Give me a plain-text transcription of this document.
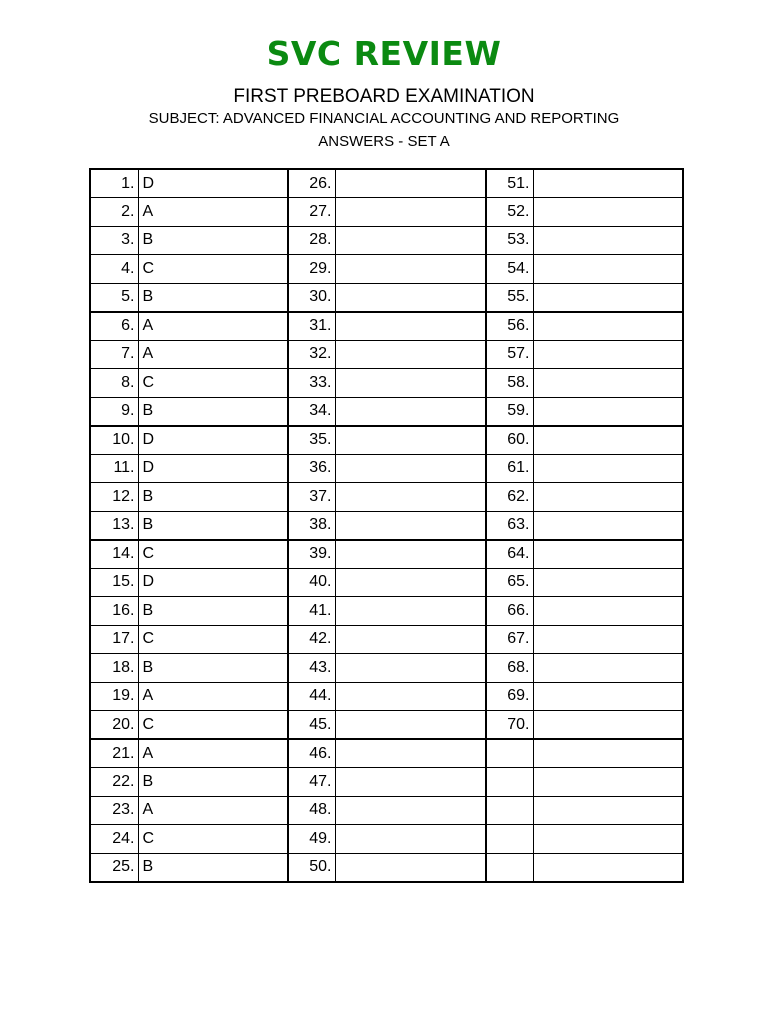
SVC REVIEW
FIRST PREBOARD EXAMINATION
SUBJECT: ADVANCED FINANCIAL ACCOUNTING AND REPORTING
ANSWERS - SET A
1.	D	26.		51.	
2.	A	27.		52.	
3.	B	28.		53.	
4.	C	29.		54.	
5.	B	30.		55.	
6.	A	31.		56.	
7.	A	32.		57.	
8.	C	33.		58.	
9.	B	34.		59.	
10.	D	35.		60.	
11.	D	36.		61.	
12.	B	37.		62.	
13.	B	38.		63.	
14.	C	39.		64.	
15.	D	40.		65.	
16.	B	41.		66.	
17.	C	42.		67.	
18.	B	43.		68.	
19.	A	44.		69.	
20.	C	45.		70.	
21.	A	46.			
22.	B	47.			
23.	A	48.			
24.	C	49.			
25.	B	50.			
